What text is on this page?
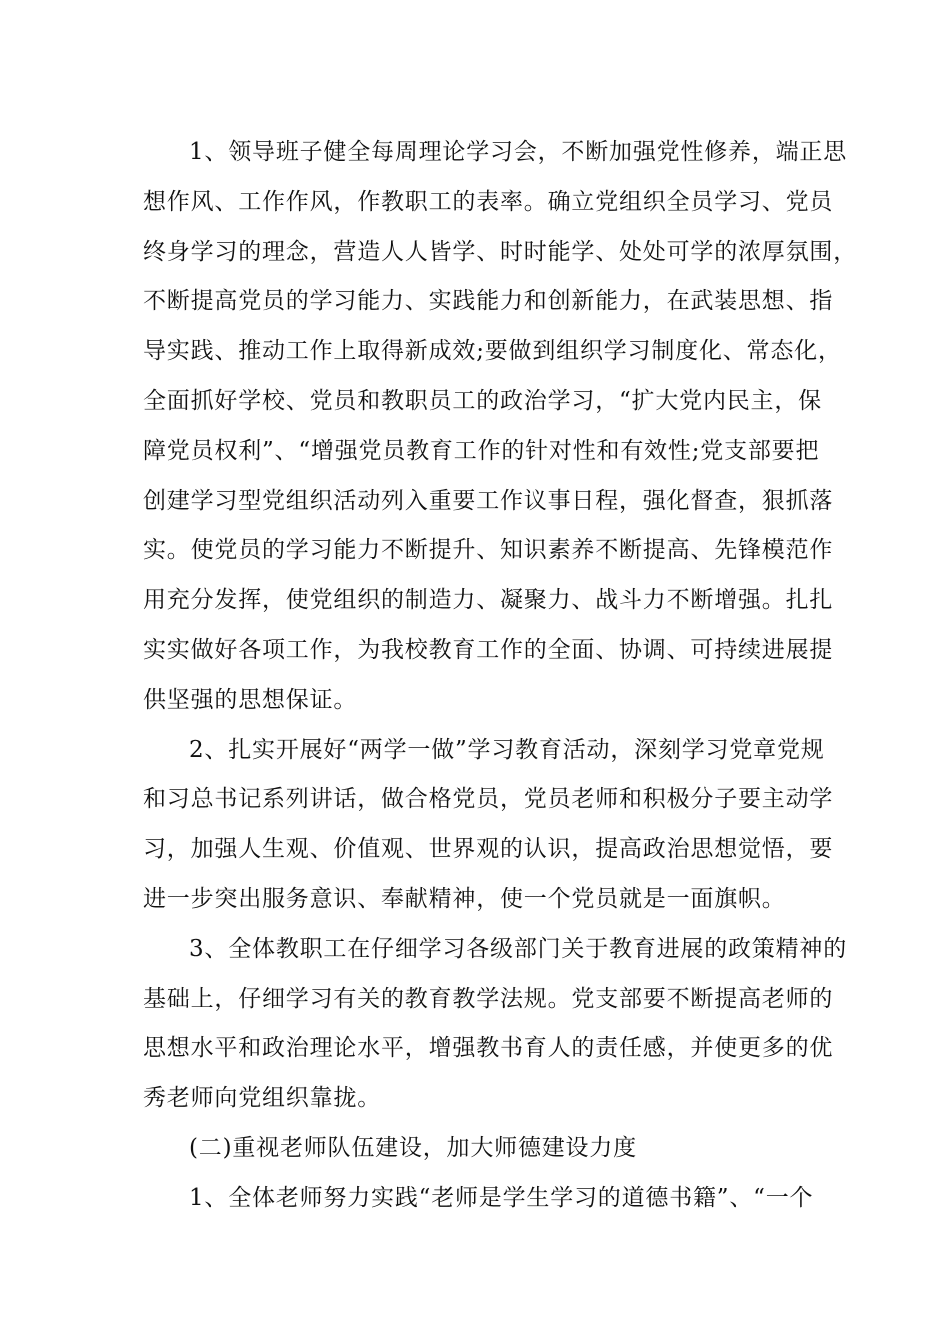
1、领导班子健全每周理论学习会，不断加强党性修养，端正思
想作风、工作作风，作教职工的表率。确立党组织全员学习、党员
终身学习的理念，营造人人皆学、时时能学、处处可学的浓厚氛围，
不断提高党员的学习能力、实践能力和创新能力，在武装思想、指
导实践、推动工作上取得新成效;要做到组织学习制度化、常态化，
全面抓好学校、党员和教职员工的政治学习，“扩大党内民主，保
障党员权利”、“增强党员教育工作的针对性和有效性;党支部要把
创建学习型党组织活动列入重要工作议事日程，强化督查，狠抓落
实。使党员的学习能力不断提升、知识素养不断提高、先锋模范作
用充分发挥，使党组织的制造力、凝聚力、战斗力不断增强。扎扎
实实做好各项工作，为我校教育工作的全面、协调、可持续进展提
供坚强的思想保证。
2、扎实开展好“两学一做”学习教育活动，深刻学习党章党规
和习总书记系列讲话，做合格党员，党员老师和积极分子要主动学
习，加强人生观、价值观、世界观的认识，提高政治思想觉悟，要
进一步突出服务意识、奉献精神，使一个党员就是一面旗帜。
3、全体教职工在仔细学习各级部门关于教育进展的政策精神的
基础上，仔细学习有关的教育教学法规。党支部要不断提高老师的
思想水平和政治理论水平，增强教书育人的责任感，并使更多的优
秀老师向党组织靠拢。
(二)重视老师队伍建设，加大师德建设力度
1、全体老师努力实践“老师是学生学习的道德书籍”、“一个
